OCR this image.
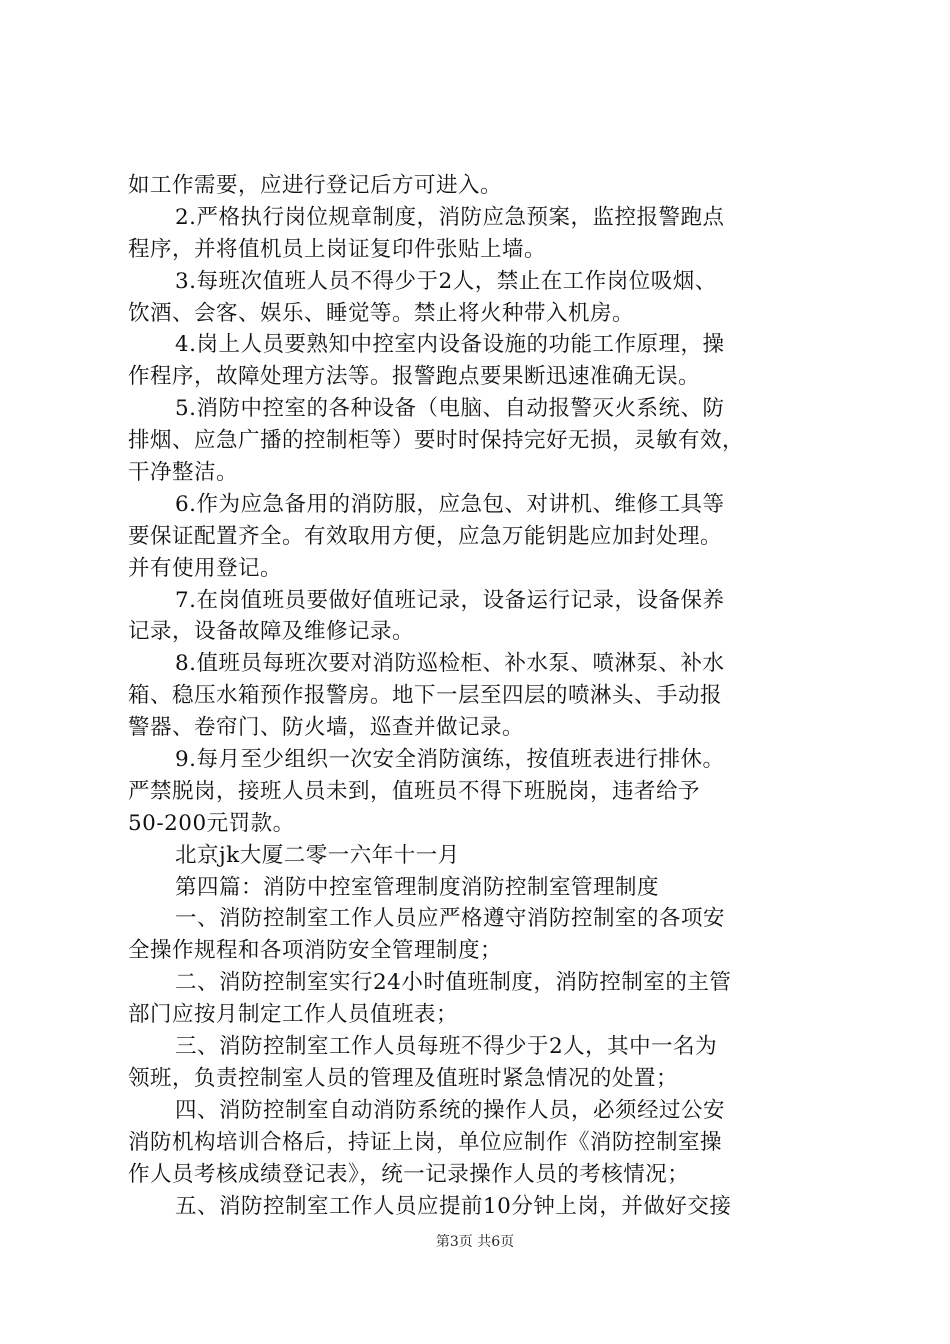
如工作需要，应进行登记后方可进入。
2.严格执行岗位规章制度，消防应急预案，监控报警跑点
程序，并将值机员上岗证复印件张贴上墙。
3.每班次值班人员不得少于2人，禁止在工作岗位吸烟、
饮酒、会客、娱乐、睡觉等。禁止将火种带入机房。
4.岗上人员要熟知中控室内设备设施的功能工作原理，操
作程序，故障处理方法等。报警跑点要果断迅速准确无误。
5.消防中控室的各种设备（电脑、自动报警灭火系统、防
排烟、应急广播的控制柜等）要时时保持完好无损，灵敏有效，
干净整洁。
6.作为应急备用的消防服，应急包、对讲机、维修工具等
要保证配置齐全。有效取用方便，应急万能钥匙应加封处理。
并有使用登记。
7.在岗值班员要做好值班记录，设备运行记录，设备保养
记录，设备故障及维修记录。
8.值班员每班次要对消防巡检柜、补水泵、喷淋泵、补水
箱、稳压水箱预作报警房。地下一层至四层的喷淋头、手动报
警器、卷帘门、防火墙，巡查并做记录。
9.每月至少组织一次安全消防演练，按值班表进行排休。
严禁脱岗，接班人员未到，值班员不得下班脱岗，违者给予
50-200元罚款。
北京jk大厦二零一六年十一月
第四篇：消防中控室管理制度消防控制室管理制度
一、消防控制室工作人员应严格遵守消防控制室的各项安
全操作规程和各项消防安全管理制度；
二、消防控制室实行24小时值班制度，消防控制室的主管
部门应按月制定工作人员值班表；
三、消防控制室工作人员每班不得少于2人，其中一名为
领班，负责控制室人员的管理及值班时紧急情况的处置；
四、消防控制室自动消防系统的操作人员，必须经过公安
消防机构培训合格后，持证上岗，单位应制作《消防控制室操
作人员考核成绩登记表》，统一记录操作人员的考核情况；
五、消防控制室工作人员应提前10分钟上岗，并做好交接
第3页 共6页
